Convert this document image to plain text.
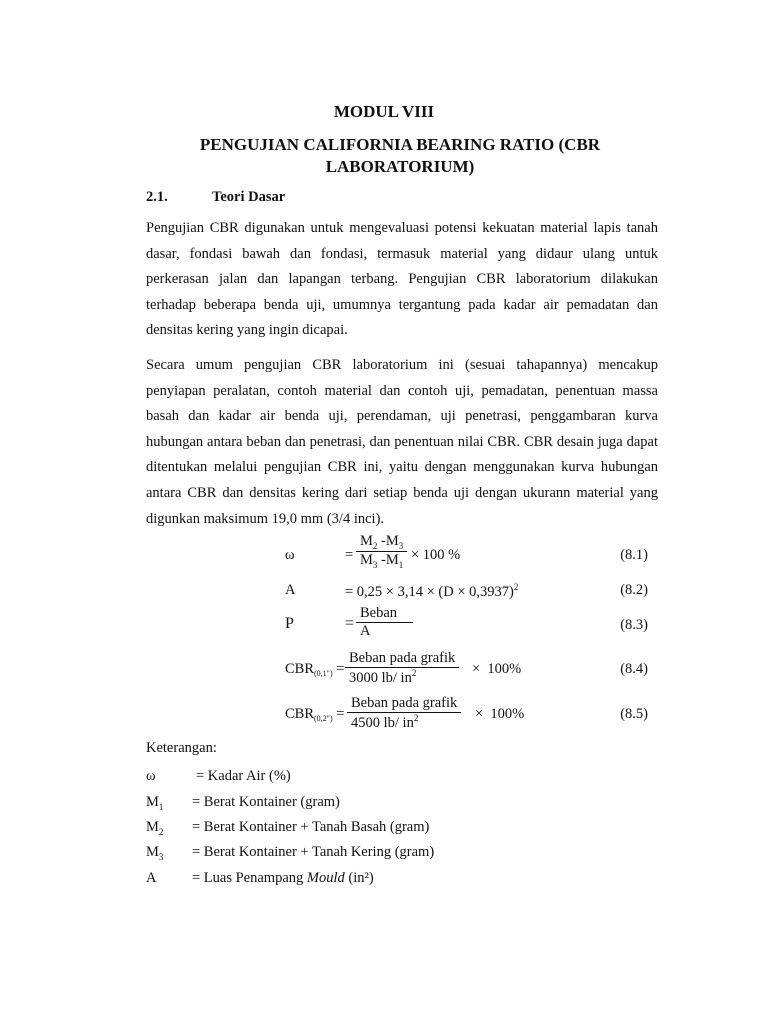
MODUL VIII
PENGUJIAN CALIFORNIA BEARING RATIO (CBR LABORATORIUM)
2.1.	Teori Dasar
Pengujian CBR digunakan untuk mengevaluasi potensi kekuatan material lapis tanah dasar, fondasi bawah dan fondasi, termasuk material yang didaur ulang untuk perkerasan jalan dan lapangan terbang. Pengujian CBR laboratorium dilakukan terhadap beberapa benda uji, umumnya tergantung pada kadar air pemadatan dan densitas kering yang ingin dicapai.
Secara umum pengujian CBR laboratorium ini (sesuai tahapannya) mencakup penyiapan peralatan, contoh material dan contoh uji, pemadatan, penentuan massa basah dan kadar air benda uji, perendaman, uji penetrasi, penggambaran kurva hubungan antara beban dan penetrasi, dan penentuan nilai CBR. CBR desain juga dapat ditentukan melalui pengujian CBR ini, yaitu dengan menggunakan kurva hubungan antara CBR dan densitas kering dari setiap benda uji dengan ukurann material yang digunkan maksimum 19,0 mm (3/4 inci).
ω	= $\frac{M_2 -M_3}{M_3 -M_1} \times 100$ %	(8.1)
A	= $0,25 \times 3,14 \times (D \times 0,3937)^2$	(8.2)
P	=
Beban
A	(8.3)
$CBR_{(0,1")}$ =
Beban pada grafik
3000 lb/ $in^2$	×  100%	(8.4)
$CBR_{(0,2")}$ =
Beban pada grafik
4500 lb/ $in^2$	×  100%	(8.5)
Keterangan:
ω	= Kadar Air (%)
$M_1$ = Berat Kontainer (gram)
$M_2$ = Berat Kontainer + Tanah Basah (gram)
$M_3$ = Berat Kontainer + Tanah Kering (gram)
A = Luas Penampang Mould (in²)
